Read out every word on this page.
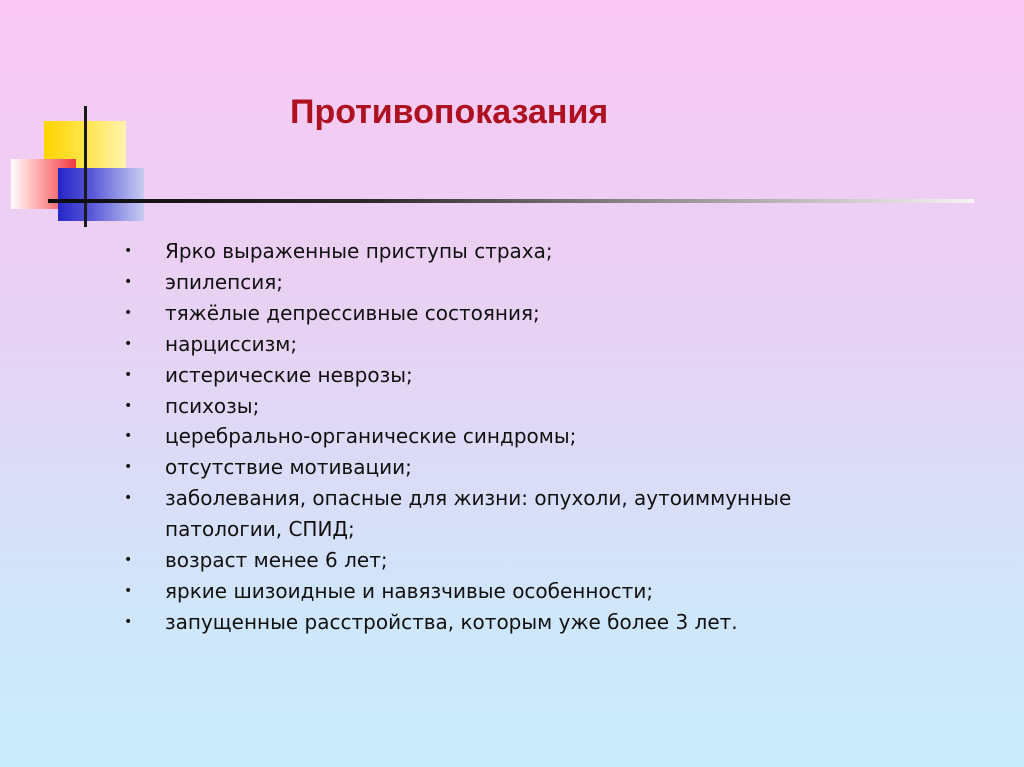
Противопоказания
• Ярко выраженные приступы страха;
• эпилепсия;
• тяжёлые депрессивные состояния;
• нарциссизм;
• истерические неврозы;
• психозы;
• церебрально-органические синдромы;
• отсутствие мотивации;
• заболевания, опасные для жизни: опухоли, аутоиммунные патологии, СПИД;
• возраст менее 6 лет;
• яркие шизоидные и навязчивые особенности;
• запущенные расстройства, которым уже более 3 лет.
